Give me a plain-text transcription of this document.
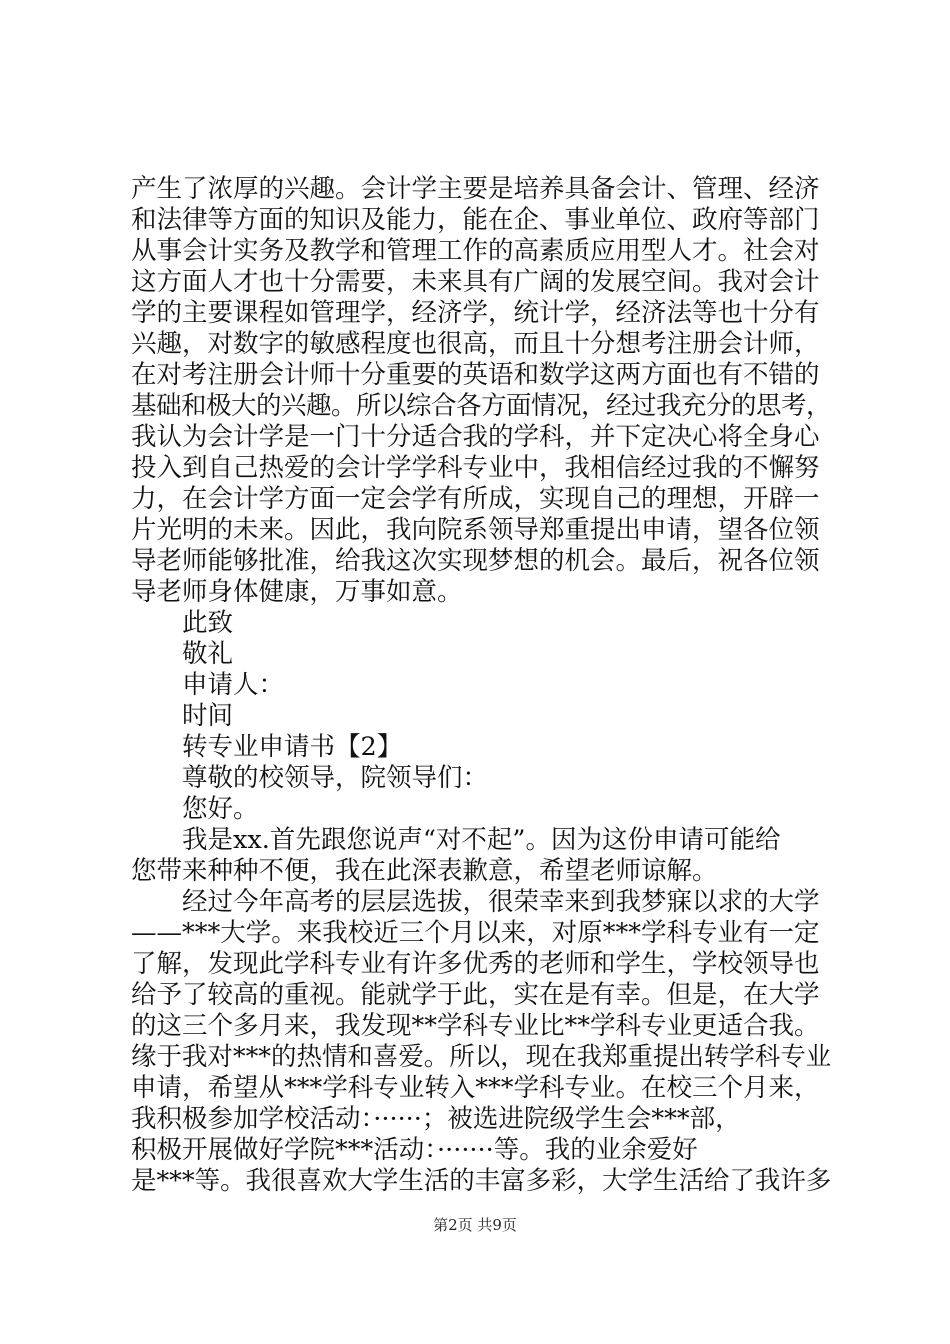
产生了浓厚的兴趣。会计学主要是培养具备会计、管理、经济
和法律等方面的知识及能力，能在企、事业单位、政府等部门
从事会计实务及教学和管理工作的高素质应用型人才。社会对
这方面人才也十分需要，未来具有广阔的发展空间。我对会计
学的主要课程如管理学，经济学，统计学，经济法等也十分有
兴趣，对数字的敏感程度也很高，而且十分想考注册会计师，
在对考注册会计师十分重要的英语和数学这两方面也有不错的
基础和极大的兴趣。所以综合各方面情况，经过我充分的思考，
我认为会计学是一门十分适合我的学科，并下定决心将全身心
投入到自己热爱的会计学学科专业中，我相信经过我的不懈努
力，在会计学方面一定会学有所成，实现自己的理想，开辟一
片光明的未来。因此，我向院系领导郑重提出申请，望各位领
导老师能够批准，给我这次实现梦想的机会。最后，祝各位领
导老师身体健康，万事如意。
此致
敬礼
申请人：
时间
转专业申请书【2】
尊敬的校领导，院领导们：
您好。
我是xx.首先跟您说声“对不起”。因为这份申请可能给
您带来种种不便，我在此深表歉意，希望老师谅解。
经过今年高考的层层选拔，很荣幸来到我梦寐以求的大学
——***大学。来我校近三个月以来，对原***学科专业有一定
了解，发现此学科专业有许多优秀的老师和学生，学校领导也
给予了较高的重视。能就学于此，实在是有幸。但是，在大学
的这三个多月来，我发现**学科专业比**学科专业更适合我。
缘于我对***的热情和喜爱。所以，现在我郑重提出转学科专业
申请，希望从***学科专业转入***学科专业。在校三个月来，
我积极参加学校活动：······；被选进院级学生会***部，
积极开展做好学院***活动：·······等。我的业余爱好
是***等。我很喜欢大学生活的丰富多彩，大学生活给了我许多
第2页 共9页
